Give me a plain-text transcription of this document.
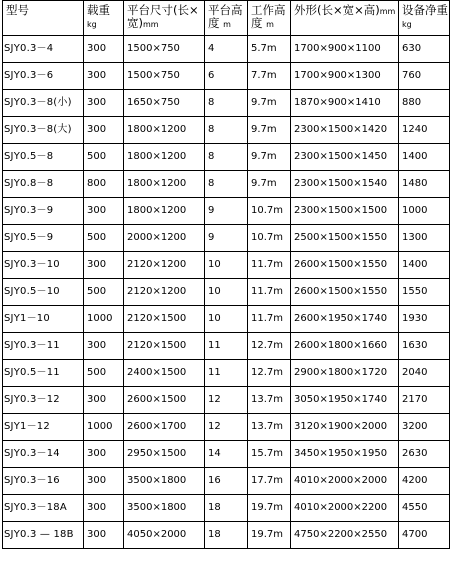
型号	载重 kg	平台尺寸(长×宽)mm	平台高度 m	工作高度 m	外形(长×宽×高)mm	设备净重 kg
SJY0.3－4	300	1500×750	4	5.7m	1700×900×1100	630
SJY0.3－6	300	1500×750	6	7.7m	1700×900×1300	760
SJY0.3－8(小)	300	1650×750	8	9.7m	1870×900×1410	880
SJY0.3－8(大)	300	1800×1200	8	9.7m	2300×1500×1420	1240
SJY0.5－8	500	1800×1200	8	9.7m	2300×1500×1450	1400
SJY0.8－8	800	1800×1200	8	9.7m	2300×1500×1540	1480
SJY0.3－9	300	1800×1200	9	10.7m	2300×1500×1500	1000
SJY0.5－9	500	2000×1200	9	10.7m	2500×1500×1550	1300
SJY0.3－10	300	2120×1200	10	11.7m	2600×1500×1550	1400
SJY0.5－10	500	2120×1200	10	11.7m	2600×1500×1550	1550
SJY1－10	1000	2120×1500	10	11.7m	2600×1950×1740	1930
SJY0.3－11	300	2120×1500	11	12.7m	2600×1800×1660	1630
SJY0.5－11	500	2400×1500	11	12.7m	2900×1800×1720	2040
SJY0.3－12	300	2600×1500	12	13.7m	3050×1950×1740	2170
SJY1－12	1000	2600×1700	12	13.7m	3120×1900×2000	3200
SJY0.3－14	300	2950×1500	14	15.7m	3450×1950×1950	2630
SJY0.3－16	300	3500×1800	16	17.7m	4010×2000×2000	4200
SJY0.3－18A	300	3500×1800	18	19.7m	4010×2000×2200	4550
SJY0.3 — 18B	300	4050×2000	18	19.7m	4750×2200×2550	4700
